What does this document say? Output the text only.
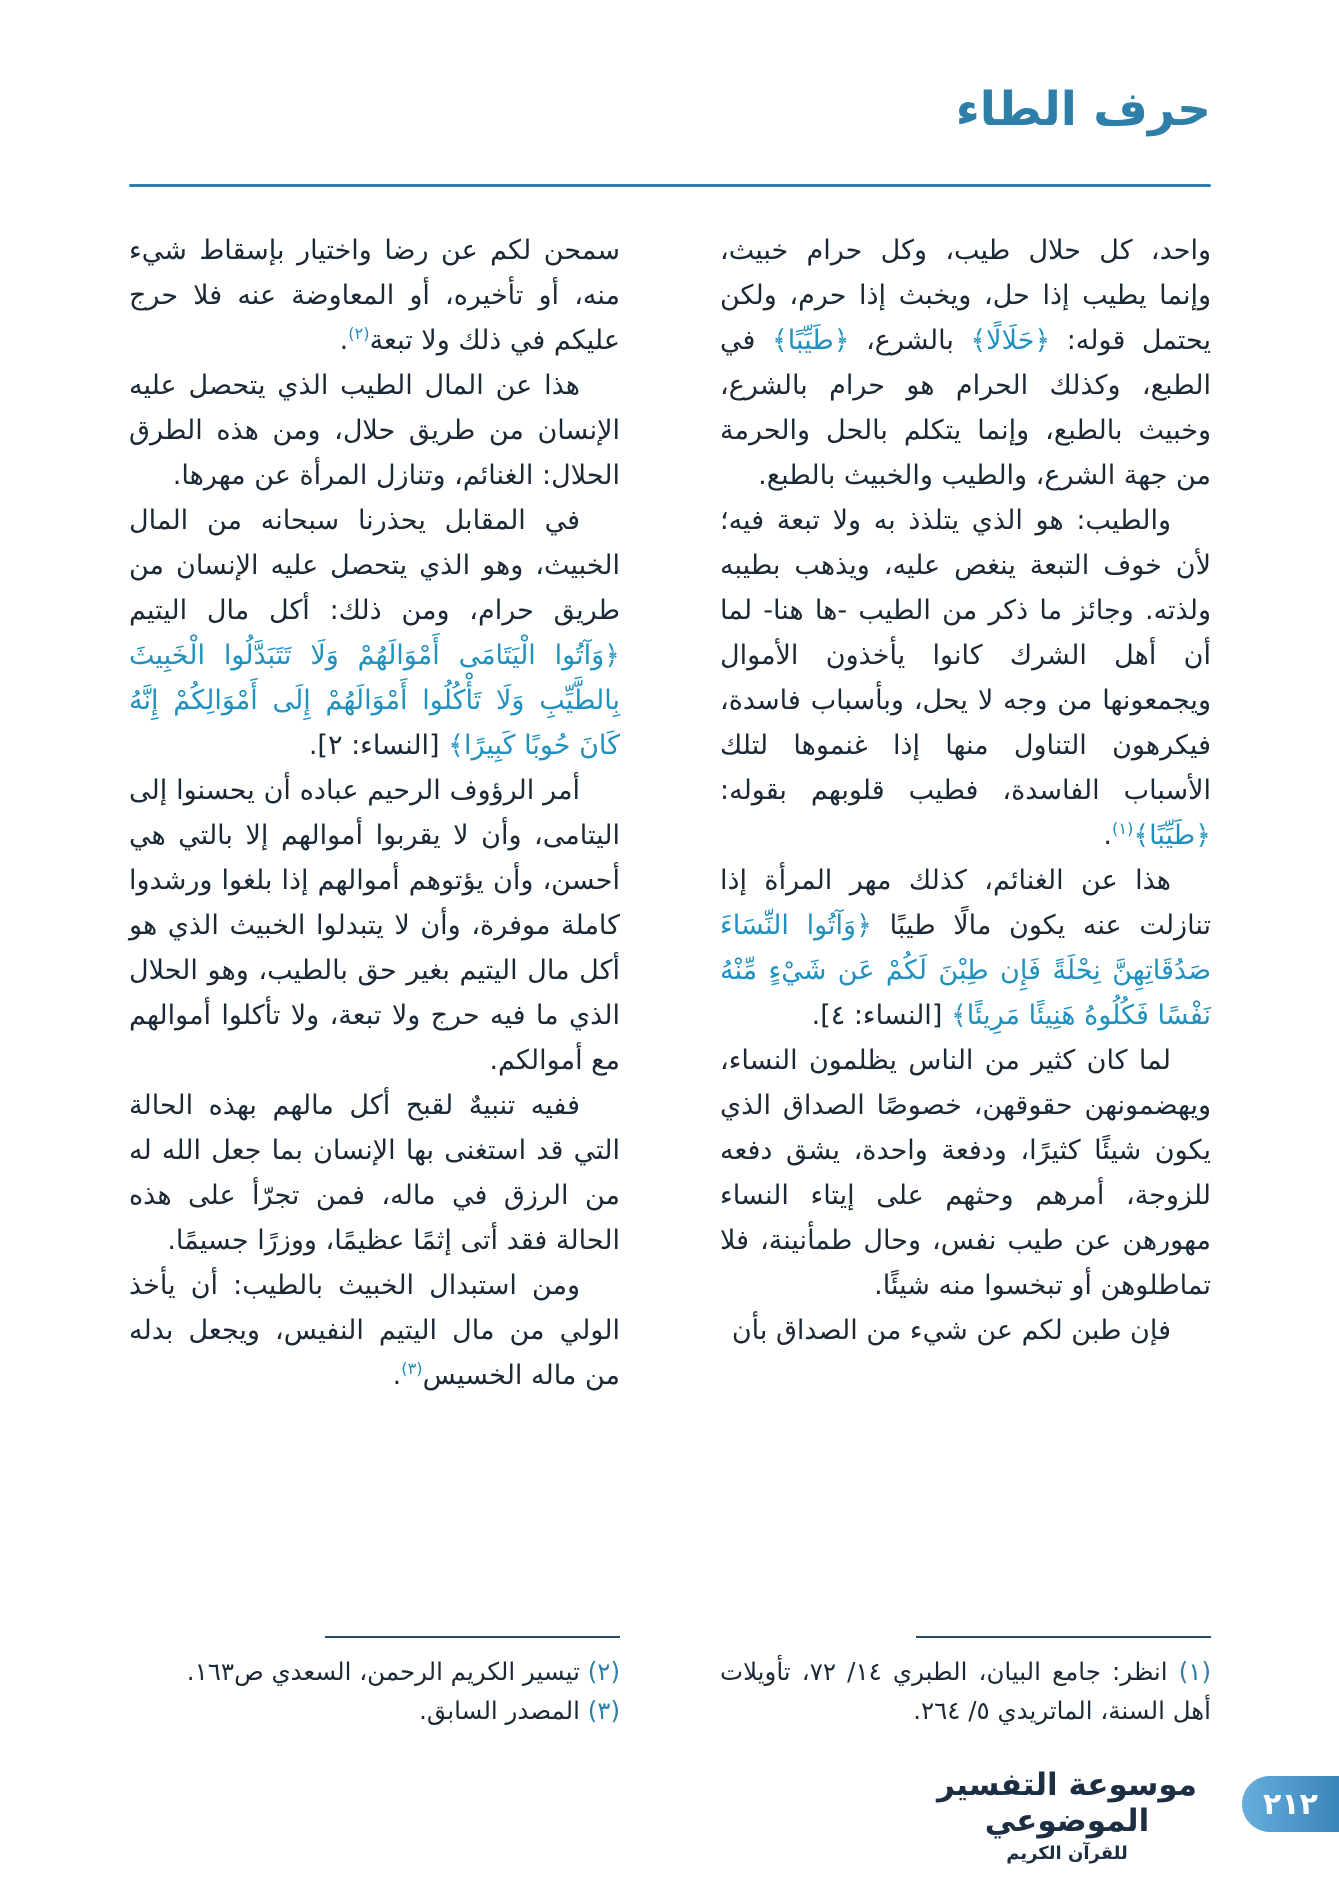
حرف الطاء

واحد، كل حلال طيب، وكل حرام خبيث، وإنما يطيب إذا حل، ويخبث إذا حرم، ولكن يحتمل قوله: ﴿حَلَالًا﴾ بالشرع، ﴿طَيِّبًا﴾ في الطبع، وكذلك الحرام هو حرام بالشرع، وخبيث بالطبع، وإنما يتكلم بالحل والحرمة من جهة الشرع، والطيب والخبيث بالطبع.

والطيب: هو الذي يتلذذ به ولا تبعة فيه؛ لأن خوف التبعة ينغص عليه، ويذهب بطيبه ولذته. وجائز ما ذكر من الطيب -ها هنا- لما أن أهل الشرك كانوا يأخذون الأموال ويجمعونها من وجه لا يحل، وبأسباب فاسدة، فيكرهون التناول منها إذا غنموها لتلك الأسباب الفاسدة، فطيب قلوبهم بقوله: ﴿طَيِّبًا﴾$^{(١)}$.

هذا عن الغنائم، كذلك مهر المرأة إذا تنازلت عنه يكون مالًا طيبًا ﴿وَآتُوا النِّسَاءَ صَدُقَاتِهِنَّ نِحْلَةً فَإِن طِبْنَ لَكُمْ عَن شَيْءٍ مِّنْهُ نَفْسًا فَكُلُوهُ هَنِيئًا مَرِيئًا﴾ [النساء: ٤].

لما كان كثير من الناس يظلمون النساء، ويهضمونهن حقوقهن، خصوصًا الصداق الذي يكون شيئًا كثيرًا، ودفعة واحدة، يشق دفعه للزوجة، أمرهم وحثهم على إيتاء النساء مهورهن عن طيب نفس، وحال طمأنينة، فلا تماطلوهن أو تبخسوا منه شيئًا.

فإن طبن لكم عن شيء من الصداق بأن

(١) انظر: جامع البيان، الطبري ١٤/ ٧٢، تأويلات أهل السنة، الماتريدي ٥/ ٢٦٤.

سمحن لكم عن رضا واختيار بإسقاط شيء منه، أو تأخيره، أو المعاوضة عنه فلا حرج عليكم في ذلك ولا تبعة$^{(٢)}$.

هذا عن المال الطيب الذي يتحصل عليه الإنسان من طريق حلال، ومن هذه الطرق الحلال: الغنائم، وتنازل المرأة عن مهرها.

في المقابل يحذرنا سبحانه من المال الخبيث، وهو الذي يتحصل عليه الإنسان من طريق حرام، ومن ذلك: أكل مال اليتيم ﴿وَآتُوا الْيَتَامَى أَمْوَالَهُمْ وَلَا تَتَبَدَّلُوا الْخَبِيثَ بِالطَّيِّبِ وَلَا تَأْكُلُوا أَمْوَالَهُمْ إِلَى أَمْوَالِكُمْ إِنَّهُ كَانَ حُوبًا كَبِيرًا﴾ [النساء: ٢].

أمر الرؤوف الرحيم عباده أن يحسنوا إلى اليتامى، وأن لا يقربوا أموالهم إلا بالتي هي أحسن، وأن يؤتوهم أموالهم إذا بلغوا ورشدوا كاملة موفرة، وأن لا يتبدلوا الخبيث الذي هو أكل مال اليتيم بغير حق بالطيب، وهو الحلال الذي ما فيه حرج ولا تبعة، ولا تأكلوا أموالهم مع أموالكم.

ففيه تنبيهٌ لقبح أكل مالهم بهذه الحالة التي قد استغنى بها الإنسان بما جعل الله له من الرزق في ماله، فمن تجرّأ على هذه الحالة فقد أتى إثمًا عظيمًا، ووزرًا جسيمًا.

ومن استبدال الخبيث بالطيب: أن يأخذ الولي من مال اليتيم النفيس، ويجعل بدله من ماله الخسيس$^{(٣)}$.

(٢) تيسير الكريم الرحمن، السعدي ص١٦٣.
(٣) المصدر السابق.
موسوعة التفسير الموضوعي
للقرآن الكريم
٢١٢
